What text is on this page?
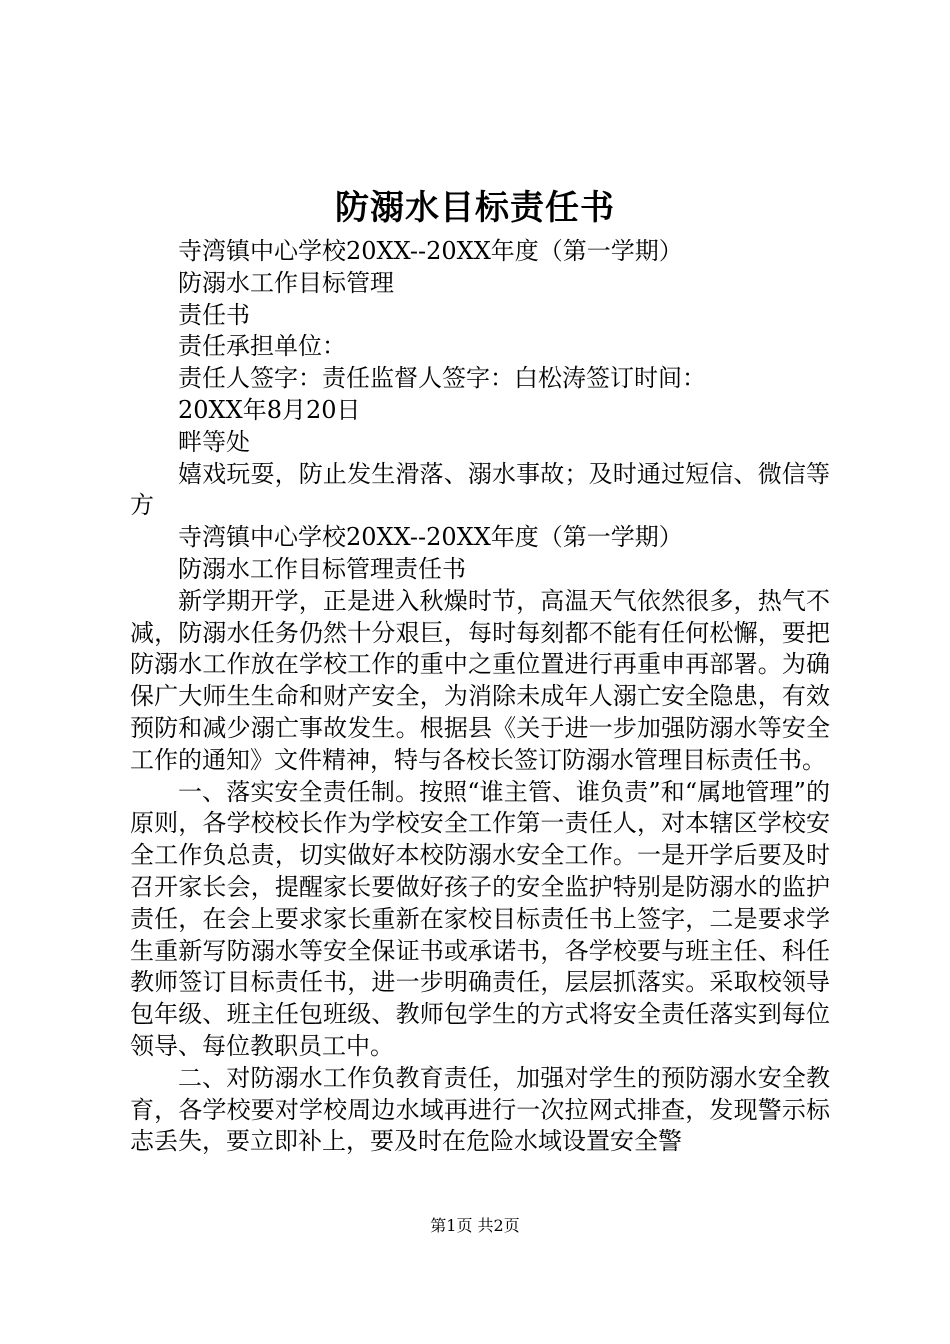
防溺水目标责任书

寺湾镇中心学校20XX--20XX年度（第一学期）

防溺水工作目标管理

责任书

责任承担单位：

责任人签字：责任监督人签字：白松涛签订时间：

20XX年8月20日

畔等处

嬉戏玩耍，防止发生滑落、溺水事故；及时通过短信、微信等方

寺湾镇中心学校20XX--20XX年度（第一学期）

防溺水工作目标管理责任书

新学期开学，正是进入秋燥时节，高温天气依然很多，热气不减，防溺水任务仍然十分艰巨，每时每刻都不能有任何松懈，要把防溺水工作放在学校工作的重中之重位置进行再重申再部署。为确保广大师生生命和财产安全，为消除未成年人溺亡安全隐患，有效预防和减少溺亡事故发生。根据县《关于进一步加强防溺水等安全工作的通知》文件精神，特与各校长签订防溺水管理目标责任书。

一、落实安全责任制。按照“谁主管、谁负责”和“属地管理”的原则，各学校校长作为学校安全工作第一责任人，对本辖区学校安全工作负总责，切实做好本校防溺水安全工作。一是开学后要及时召开家长会，提醒家长要做好孩子的安全监护特别是防溺水的监护责任，在会上要求家长重新在家校目标责任书上签字，二是要求学生重新写防溺水等安全保证书或承诺书，各学校要与班主任、科任教师签订目标责任书，进一步明确责任，层层抓落实。采取校领导包年级、班主任包班级、教师包学生的方式将安全责任落实到每位领导、每位教职员工中。

二、对防溺水工作负教育责任，加强对学生的预防溺水安全教育，各学校要对学校周边水域再进行一次拉网式排查，发现警示标志丢失，要立即补上，要及时在危险水域设置安全警

第1页 共2页
